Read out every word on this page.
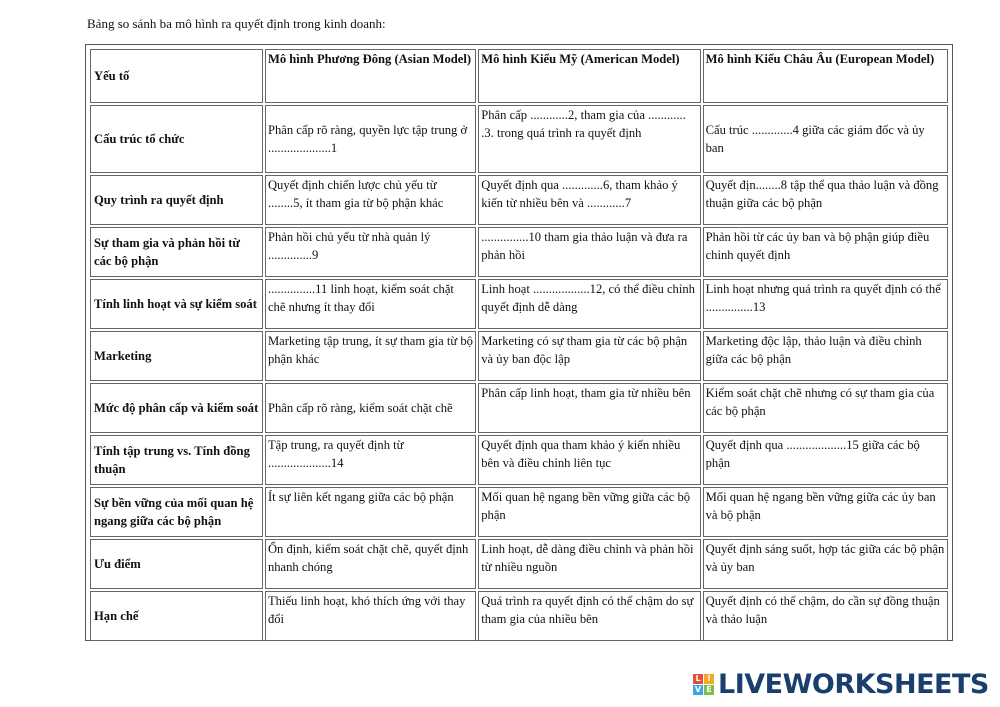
Bảng so sánh ba mô hình ra quyết định trong kinh doanh:
Yếu tố	Mô hình Phương Đông (Asian Model)	Mô hình Kiểu Mỹ (American Model)	Mô hình Kiểu Châu Âu (European Model)
Cấu trúc tổ chức	Phân cấp rõ ràng, quyền lực tập trung ở ....................1	Phân cấp ............2, tham gia của ............ .3. trong quá trình ra quyết định	Cấu trúc .............4 giữa các giám đốc và ủy ban
Quy trình ra quyết định	Quyết định chiến lược chủ yếu từ ........5, ít tham gia từ bộ phận khác	Quyết định qua .............6, tham khảo ý kiến từ nhiều bên và ............7	Quyết địn........8 tập thể qua thảo luận và đồng thuận giữa các bộ phận
Sự tham gia và phản hồi từ các bộ phận	Phản hồi chủ yếu từ nhà quản lý ..............9	...............10 tham gia thảo luận và đưa ra phản hồi	Phản hồi từ các ủy ban và bộ phận giúp điều chỉnh quyết định
Tính linh hoạt và sự kiểm soát	...............11 linh hoạt, kiểm soát chặt chẽ nhưng ít thay đổi	Linh hoạt ..................12, có thể điều chỉnh quyết định dễ dàng	Linh hoạt nhưng quá trình ra quyết định có thể ...............13
Marketing	Marketing tập trung, ít sự tham gia từ bộ phận khác	Marketing có sự tham gia từ các bộ phận và ủy ban độc lập	Marketing độc lập, thảo luận và điều chỉnh giữa các bộ phận
Mức độ phân cấp và kiểm soát	Phân cấp rõ ràng, kiểm soát chặt chẽ	Phân cấp linh hoạt, tham gia từ nhiều bên	Kiểm soát chặt chẽ nhưng có sự tham gia của các bộ phận
Tính tập trung vs. Tính đồng thuận	Tập trung, ra quyết định từ ....................14	Quyết định qua tham khảo ý kiến nhiều bên và điều chỉnh liên tục	Quyết định qua ...................15 giữa các bộ phận
Sự bền vững của mối quan hệ ngang giữa các bộ phận	Ít sự liên kết ngang giữa các bộ phận	Mối quan hệ ngang bền vững giữa các bộ phận	Mối quan hệ ngang bền vững giữa các ủy ban và bộ phận
Ưu điểm	Ổn định, kiểm soát chặt chẽ, quyết định nhanh chóng	Linh hoạt, dễ dàng điều chỉnh và phản hồi từ nhiều nguồn	Quyết định sáng suốt, hợp tác giữa các bộ phận và ủy ban
Hạn chế	Thiếu linh hoạt, khó thích ứng với thay đổi	Quá trình ra quyết định có thể chậm do sự tham gia của nhiều bên	Quyết định có thể chậm, do cần sự đồng thuận và thảo luận
L I
V E LIVEWORKSHEETS
